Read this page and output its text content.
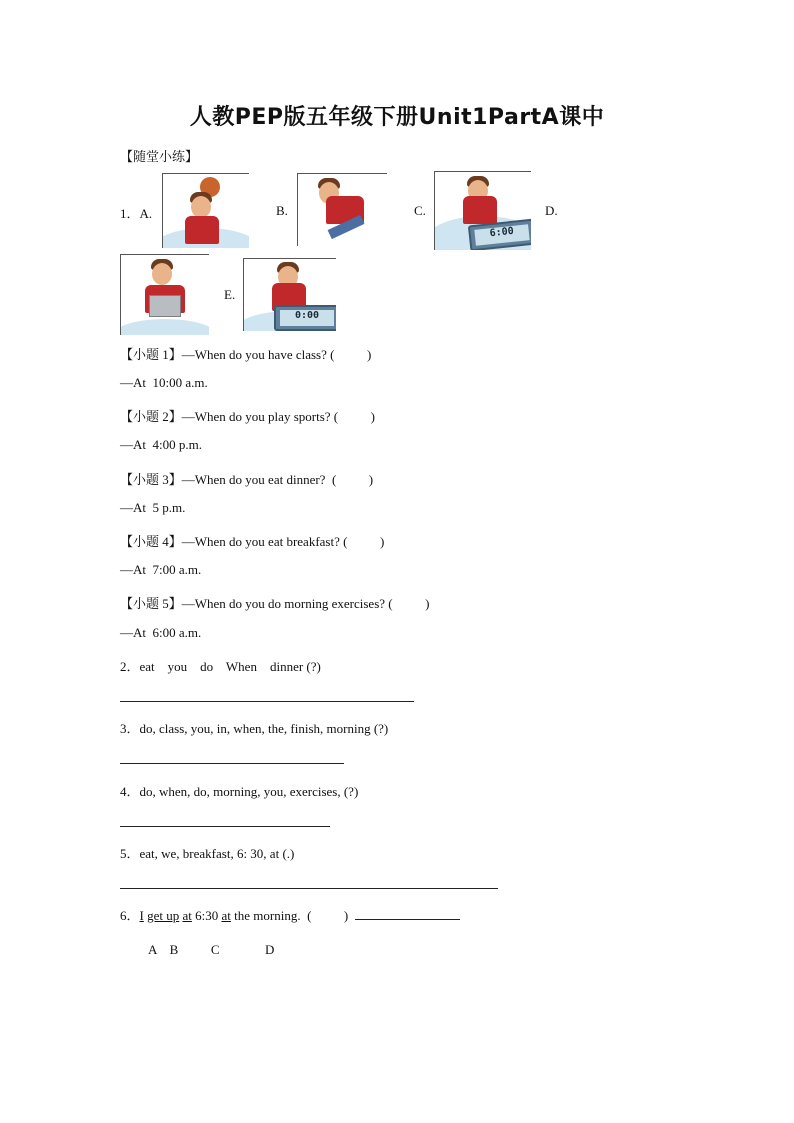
人教PEP版五年级下册Unit1PartA课中
【随堂小练】
1．A.	B.	C.
6:00
D.
E.
0:00
【小题 1】—When do you have class? (          )
—At  10:00 a.m.
【小题 2】—When do you play sports? (          )
—At  4:00 p.m.
【小题 3】—When do you eat dinner?  (          )
—At  5 p.m.
【小题 4】—When do you eat breakfast? (          )
—At  7:00 a.m.
【小题 5】—When do you do morning exercises? (          )
—At  6:00 a.m.
2．eat    you    do    When    dinner (?)
3．do, class, you, in, when, the, finish, morning (?)
4．do, when, do, morning, you, exercises, (?)
5．eat, we, breakfast, 6: 30, at (.)
6．I get up at 6:30 at the morning.  (          )
A    B          C              D
